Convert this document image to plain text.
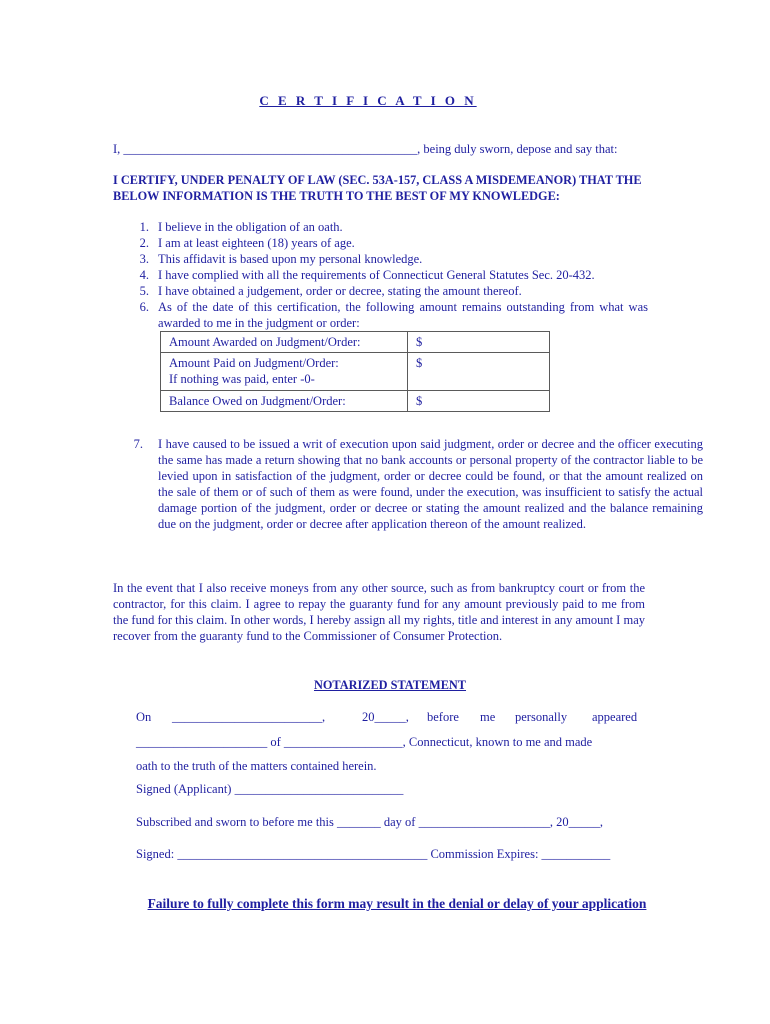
C E R T I F I C A T I O N
I, _______________________________________________, being duly sworn, depose and say that:
I CERTIFY, UNDER PENALTY OF LAW (SEC. 53A-157, CLASS A MISDEMEANOR) THAT THE BELOW INFORMATION IS THE TRUTH TO THE BEST OF MY KNOWLEDGE:
1. I believe in the obligation of an oath.
2. I am at least eighteen (18) years of age.
3. This affidavit is based upon my personal knowledge.
4. I have complied with all the requirements of Connecticut General Statutes Sec. 20-432.
5. I have obtained a judgement, order or decree, stating the amount thereof.
6. As of the date of this certification, the following amount remains outstanding from what was awarded to me in the judgment or order:
Amount Awarded on Judgment/Order:	$

Amount Paid on Judgment/Order:
If nothing was paid, enter -0-	$
Balance Owed on Judgment/Order:	$
7. I have caused to be issued a writ of execution upon said judgment, order or decree and the officer executing the same has made a return showing that no bank accounts or personal property of the contractor liable to be levied upon in satisfaction of the judgment, order or decree could be found, or that the amount realized on the sale of them or of such of them as were found, under the execution, was insufficient to satisfy the actual damage portion of the judgment, order or decree or stating the amount realized and the balance remaining due on the judgment, order or decree after application thereon of the amount realized.
In the event that I also receive moneys from any other source, such as from bankruptcy court or from the contractor, for this claim. I agree to repay the guaranty fund for any amount previously paid to me from the fund for this claim. In other words, I hereby assign all my rights, title and interest in any amount I may recover from the guaranty fund to the Commissioner of Consumer Protection.
NOTARIZED STATEMENT
On ________________________,	20_____, before me personally appeared
_____________________ of ___________________, Connecticut, known to me and made
oath to the truth of the matters contained herein.
Signed (Applicant) ___________________________
Subscribed and sworn to before me this _______ day of _____________________, 20_____,
Signed: ________________________________________ Commission Expires: ___________
Failure to fully complete this form may result in the denial or delay of your application
